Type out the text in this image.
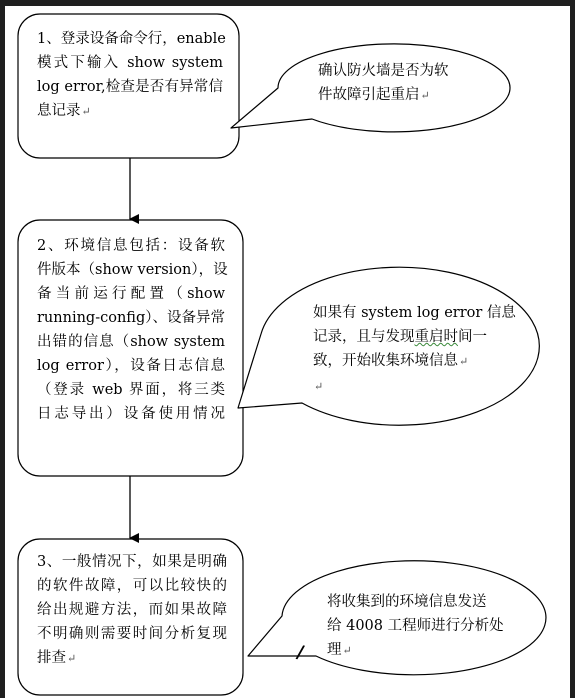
1、登录设备命令行，enable
模式下输入 show system
log error,检查是否有异常信
息记录↵
2、环境信息包括：设备软
件版本（show version），设
备当前运行配置（show
running-config）、设备异常
出错的信息（show system
log error），设备日志信息
（登录 web 界面，将三类
日志导出）设备使用情况
3、一般情况下，如果是明确
的软件故障，可以比较快的
给出规避方法，而如果故障
不明确则需要时间分析复现
排查↵
确认防火墙是否为软
件故障引起重启↵
如果有 system log error 信息
记录，且与发现重启时间一
致，开始收集环境信息↵
↵
将收集到的环境信息发送
给 4008 工程师进行分析处
理↵
/
